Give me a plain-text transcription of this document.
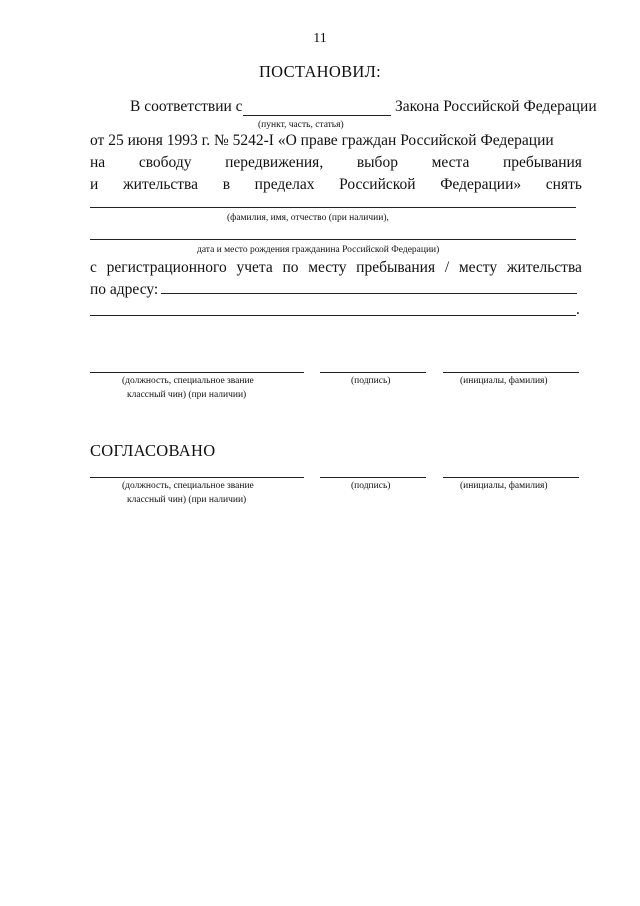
11
ПОСТАНОВИЛ:
В соответствии с	Закона Российской Федерации
(пункт, часть, статья)
от 25 июня 1993 г. № 5242-I «О праве граждан Российской Федерации
на свободу передвижения, выбор места пребывания
и жительства в пределах Российской Федерации» снять
(фамилия, имя, отчество (при наличии),
дата и место рождения гражданина Российской Федерации)
с регистрационного учета по месту пребывания / месту жительства
по адресу:
.
(должность, специальное звание
классный чин) (при наличии)
(подпись)	(инициалы, фамилия)
СОГЛАСОВАНО
(должность, специальное звание
классный чин) (при наличии)
(подпись)	(инициалы, фамилия)
